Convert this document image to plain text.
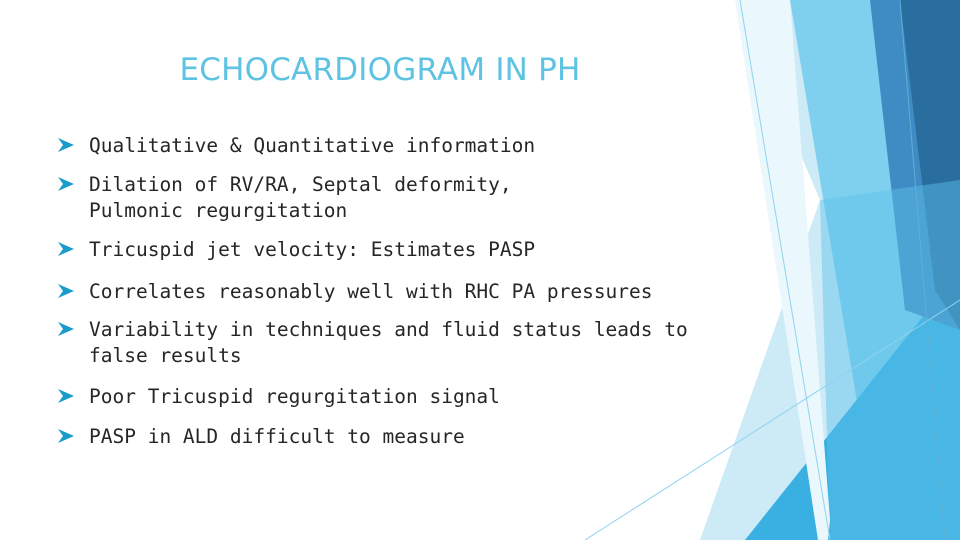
ECHOCARDIOGRAM IN PH
Qualitative & Quantitative information
Dilation of RV/RA, Septal deformity, Pulmonic regurgitation
Tricuspid jet velocity: Estimates PASP
Correlates reasonably well with RHC PA pressures
Variability in techniques and fluid status leads to false results
Poor Tricuspid regurgitation signal
PASP in ALD difficult to measure
